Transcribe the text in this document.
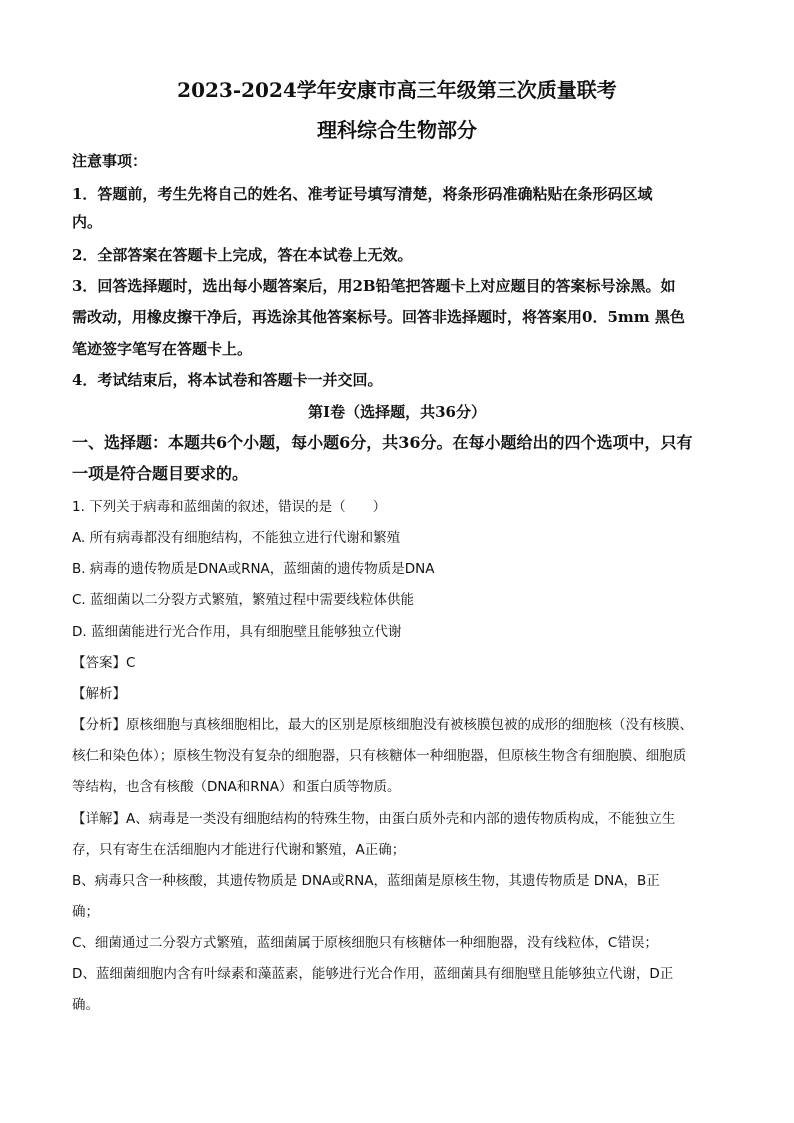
2023-2024学年安康市高三年级第三次质量联考
理科综合生物部分
注意事项：
1．答题前，考生先将自己的姓名、准考证号填写清楚，将条形码准确粘贴在条形码区域
内。
2．全部答案在答题卡上完成，答在本试卷上无效。
3．回答选择题时，选出每小题答案后，用2B铅笔把答题卡上对应题目的答案标号涂黑。如
需改动，用橡皮擦干净后，再选涂其他答案标号。回答非选择题时，将答案用0．5mm 黑色
笔迹签字笔写在答题卡上。
4．考试结束后，将本试卷和答题卡一并交回。
第Ⅰ卷（选择题，共36分）
一、选择题：本题共6个小题，每小题6分，共36分。在每小题给出的四个选项中，只有
一项是符合题目要求的。
1. 下列关于病毒和蓝细菌的叙述，错误的是（　　）
A. 所有病毒都没有细胞结构，不能独立进行代谢和繁殖
B. 病毒的遗传物质是DNA或RNA，蓝细菌的遗传物质是DNA
C. 蓝细菌以二分裂方式繁殖，繁殖过程中需要线粒体供能
D. 蓝细菌能进行光合作用，具有细胞壁且能够独立代谢
【答案】C
【解析】
【分析】原核细胞与真核细胞相比，最大的区别是原核细胞没有被核膜包被的成形的细胞核（没有核膜、
核仁和染色体）；原核生物没有复杂的细胞器，只有核糖体一种细胞器，但原核生物含有细胞膜、细胞质
等结构，也含有核酸（DNA和RNA）和蛋白质等物质。
【详解】A、病毒是一类没有细胞结构的特殊生物，由蛋白质外壳和内部的遗传物质构成，不能独立生
存，只有寄生在活细胞内才能进行代谢和繁殖，A正确；
B、病毒只含一种核酸，其遗传物质是 DNA或RNA，蓝细菌是原核生物，其遗传物质是 DNA，B正
确；
C、细菌通过二分裂方式繁殖，蓝细菌属于原核细胞只有核糖体一种细胞器，没有线粒体，C错误；
D、蓝细菌细胞内含有叶绿素和藻蓝素，能够进行光合作用，蓝细菌具有细胞壁且能够独立代谢，D正
确。
